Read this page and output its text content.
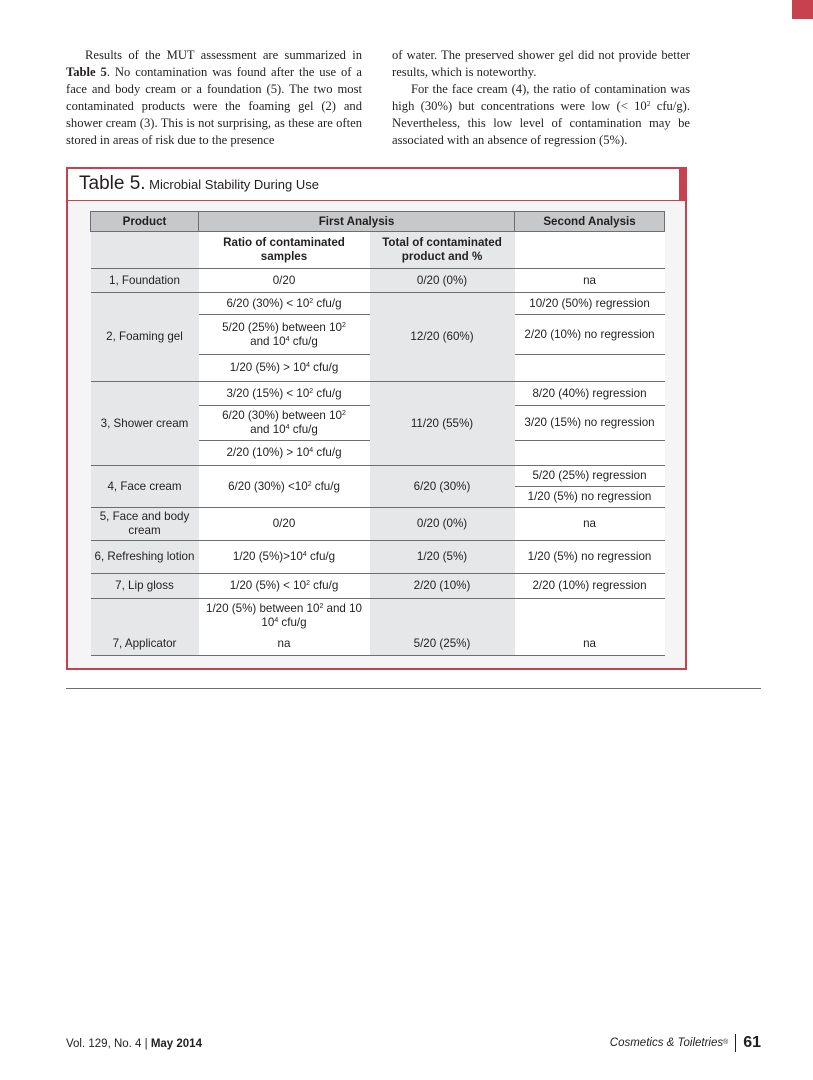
Results of the MUT assessment are summarized in Table 5. No contamination was found after the use of a face and body cream or a foundation (5). The two most contaminated products were the foaming gel (2) and shower cream (3). This is not surprising, as these are often stored in areas of risk due to the presence

of water. The preserved shower gel did not provide better results, which is noteworthy.

For the face cream (4), the ratio of contamination was high (30%) but concentrations were low (< $10^2$ cfu/g). Nevertheless, this low level of contamination may be associated with an absence of regression (5%).

Table 5. Microbial Stability During Use
Product	First Analysis		Second Analysis
	Ratio of contaminated samples	Total of contaminated product and %	
1, Foundation	0/20	0/20 (0%)	na
2, Foaming gel	6/20 $(30\%) < 10^2$ cfu/g	12/20 (60%)	10/20 (50%) regression
	5/20 (25%) between $10^2$
and $10^4$ cfu/g		2/20 (10%) no regression
	1/20 $(5\%) > 10^4$ cfu/g		
3, Shower cream	3/20 $(15\%) < 10^2$ cfu/g	11/20 (55%)	8/20 (40%) regression
	6/20 (30%) between $10^2$
and $10^4$ cfu/g		3/20 (15%) no regression
	2/20 $(10\%) > 10^4$ cfu/g		
4, Face cream	6/20 $(30\%) <10^2$ cfu/g	6/20 (30%)	5/20 (25%) regression
			1/20 (5%) no regression
5, Face and body cream	0/20	0/20 (0%)	na
6, Refreshing lotion	1/20 $(5\%)>10^4$ cfu/g	1/20 (5%)	1/20 (5%) no regression
7, Lip gloss	1/20 $(5\%) < 10^2$ cfu/g	2/20 (10%)	2/20 (10%) regression
	1/20 (5%) between $10^2$ and 10
$10^4$ cfu/g		
7, Applicator	na	5/20 (25%)	na
Vol. 129, No. 4 | May 2014	Cosmetics & Toiletries ® 61
